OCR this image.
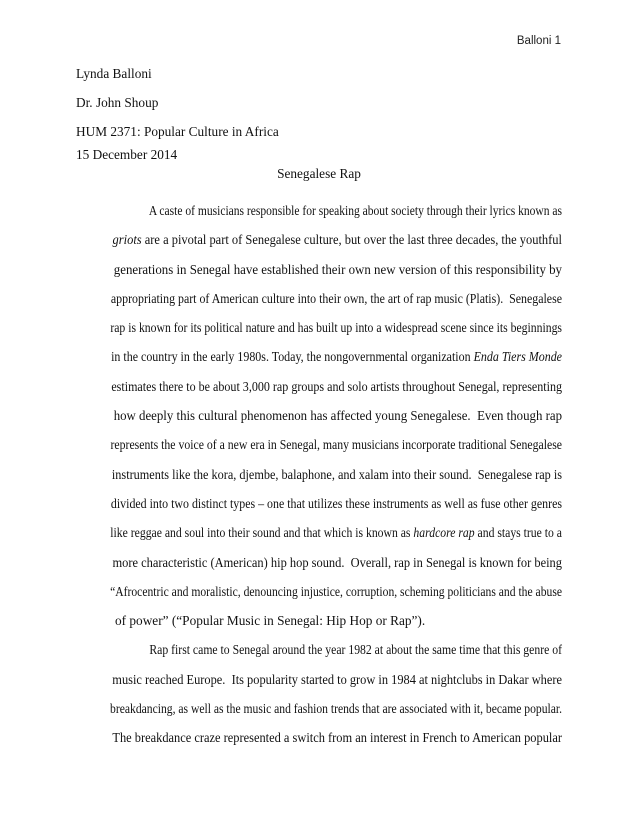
Balloni 1
Lynda Balloni
Dr. John Shoup
HUM 2371: Popular Culture in Africa
15 December 2014
Senegalese Rap

A caste of musicians responsible for speaking about society through their lyrics known as
griots are a pivotal part of Senegalese culture, but over the last three decades, the youthful
generations in Senegal have established their own new version of this responsibility by
appropriating part of American culture into their own, the art of rap music (Platis).  Senegalese
rap is known for its political nature and has built up into a widespread scene since its beginnings
in the country in the early 1980s. Today, the nongovernmental organization Enda Tiers Monde
estimates there to be about 3,000 rap groups and solo artists throughout Senegal, representing
how deeply this cultural phenomenon has affected young Senegalese.  Even though rap
represents the voice of a new era in Senegal, many musicians incorporate traditional Senegalese
instruments like the kora, djembe, balaphone, and xalam into their sound.  Senegalese rap is
divided into two distinct types – one that utilizes these instruments as well as fuse other genres
like reggae and soul into their sound and that which is known as hardcore rap and stays true to a
more characteristic (American) hip hop sound.  Overall, rap in Senegal is known for being
“Afrocentric and moralistic, denouncing injustice, corruption, scheming politicians and the abuse
of power” (“Popular Music in Senegal: Hip Hop or Rap”).

Rap first came to Senegal around the year 1982 at about the same time that this genre of
music reached Europe.  Its popularity started to grow in 1984 at nightclubs in Dakar where
breakdancing, as well as the music and fashion trends that are associated with it, became popular.
The breakdance craze represented a switch from an interest in French to American popular
